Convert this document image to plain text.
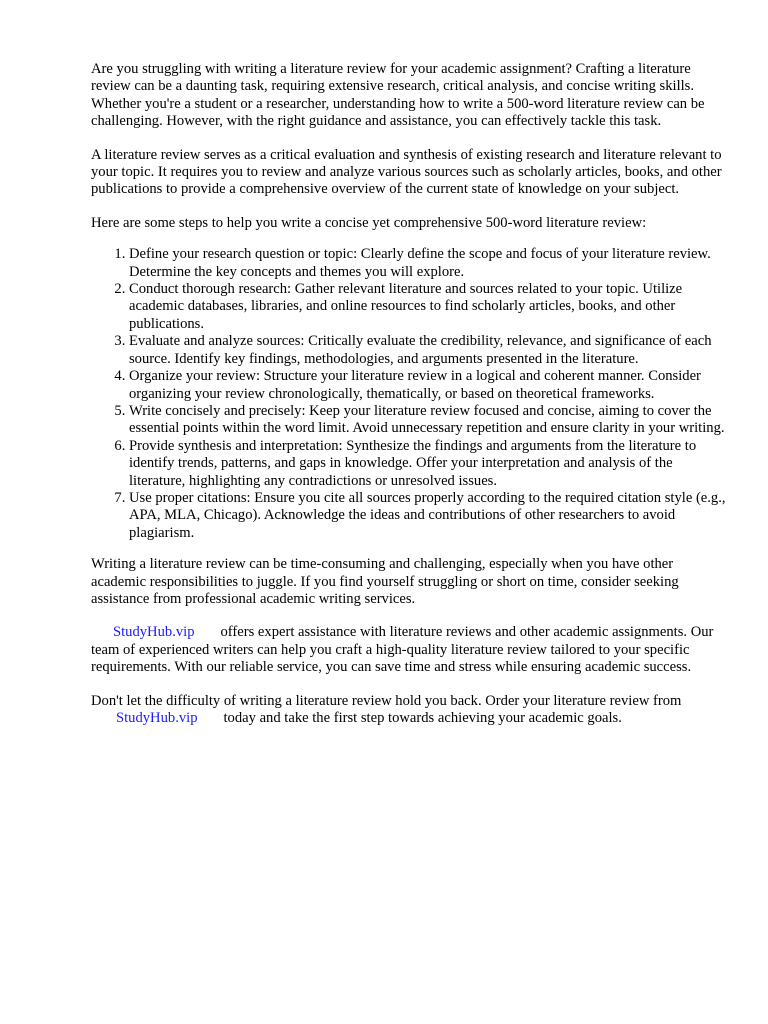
Are you struggling with writing a literature review for your academic assignment? Crafting a literature review can be a daunting task, requiring extensive research, critical analysis, and concise writing skills. Whether you're a student or a researcher, understanding how to write a 500-word literature review can be challenging. However, with the right guidance and assistance, you can effectively tackle this task.

A literature review serves as a critical evaluation and synthesis of existing research and literature relevant to your topic. It requires you to review and analyze various sources such as scholarly articles, books, and other publications to provide a comprehensive overview of the current state of knowledge on your subject.

Here are some steps to help you write a concise yet comprehensive 500-word literature review:

1. Define your research question or topic: Clearly define the scope and focus of your literature review. Determine the key concepts and themes you will explore.
2. Conduct thorough research: Gather relevant literature and sources related to your topic. Utilize academic databases, libraries, and online resources to find scholarly articles, books, and other publications.
3. Evaluate and analyze sources: Critically evaluate the credibility, relevance, and significance of each source. Identify key findings, methodologies, and arguments presented in the literature.
4. Organize your review: Structure your literature review in a logical and coherent manner. Consider organizing your review chronologically, thematically, or based on theoretical frameworks.
5. Write concisely and precisely: Keep your literature review focused and concise, aiming to cover the essential points within the word limit. Avoid unnecessary repetition and ensure clarity in your writing.
6. Provide synthesis and interpretation: Synthesize the findings and arguments from the literature to identify trends, patterns, and gaps in knowledge. Offer your interpretation and analysis of the literature, highlighting any contradictions or unresolved issues.
7. Use proper citations: Ensure you cite all sources properly according to the required citation style (e.g., APA, MLA, Chicago). Acknowledge the ideas and contributions of other researchers to avoid plagiarism.

Writing a literature review can be time-consuming and challenging, especially when you have other academic responsibilities to juggle. If you find yourself struggling or short on time, consider seeking assistance from professional academic writing services.

StudyHub.vip offers expert assistance with literature reviews and other academic assignments. Our team of experienced writers can help you craft a high-quality literature review tailored to your specific requirements. With our reliable service, you can save time and stress while ensuring academic success.

Don't let the difficulty of writing a literature review hold you back. Order your literature review fromStudyHub.vip today and take the first step towards achieving your academic goals.
